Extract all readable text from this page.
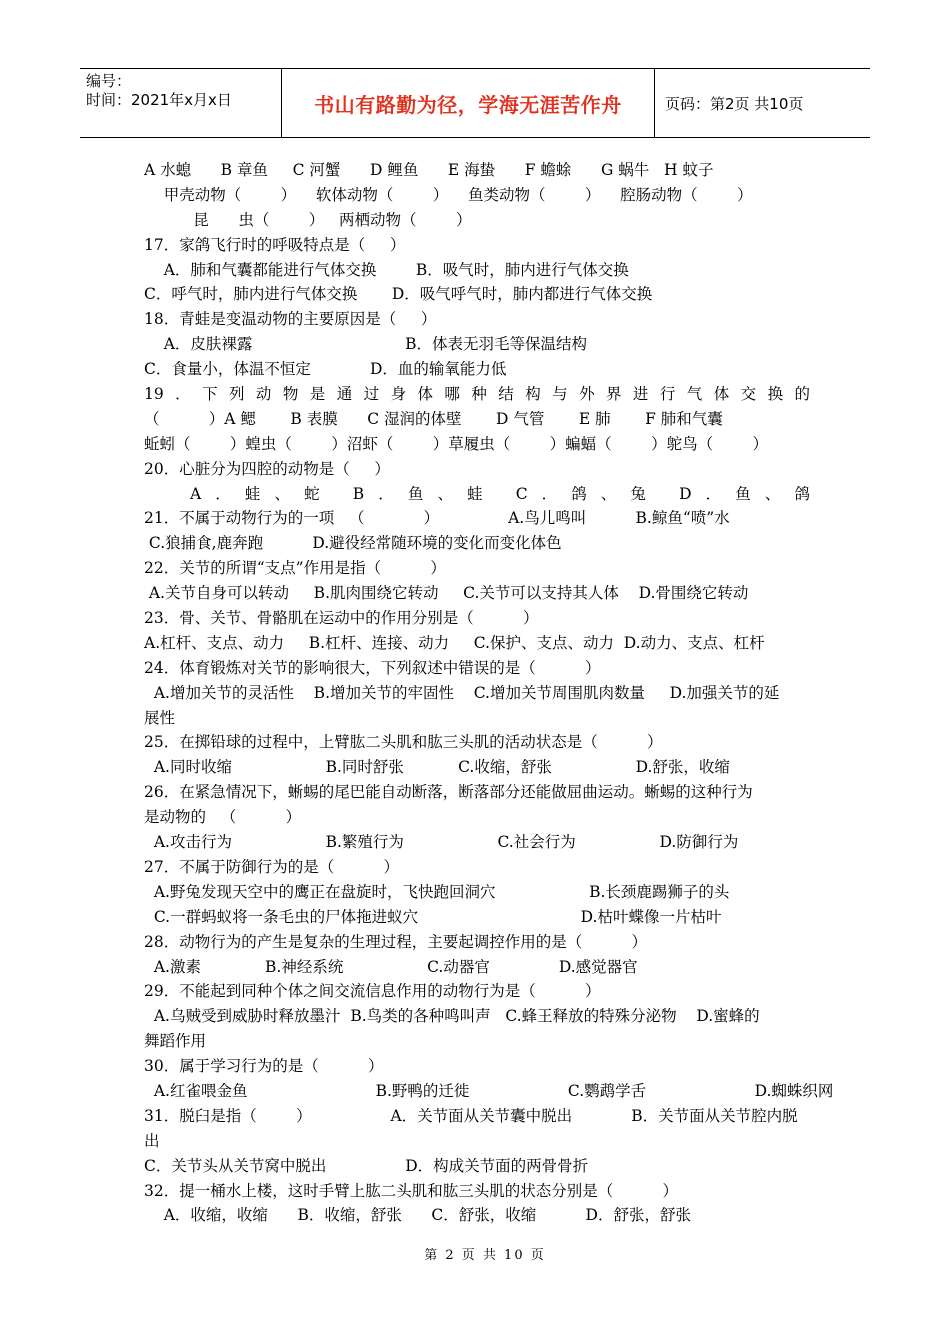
编号：
时间：2021年x月x日	书山有路勤为径，学海无涯苦作舟	页码：第2页 共10页
A 水螅      B 章鱼     C 河蟹      D 鲤鱼      E 海蛰      F 蟾蜍      G 蜗牛   H 蚊子
甲壳动物（        ）    软体动物（        ）    鱼类动物（        ）    腔肠动物（        ）
昆      虫（        ）   两栖动物（        ）
17．家鸽飞行时的呼吸特点是（     ）
A．肺和气囊都能进行气体交换        B．吸气时，肺内进行气体交换
C．呼气时，肺内进行气体交换       D．吸气呼气时，肺内都进行气体交换
18．青蛙是变温动物的主要原因是（     ）
A．皮肤裸露                               B．体表无羽毛等保温结构
C．食量小，体温不恒定            D．血的输氧能力低
19．下列动物是通过身体哪种结构与外界进行气体交换的
（          ）A 鳃       B 表膜      C 湿润的体壁       D 气管       E 肺       F 肺和气囊
蚯蚓（        ）蝗虫（        ）沼虾（        ）草履虫（        ）蝙蝠（        ）鸵鸟（        ）
20．心脏分为四腔的动物是（     ）
A．蛙、蛇 B．鱼、蛙 C．鸽、兔 D．鱼、鸽
21．不属于动物行为的一项   （            ）              A.鸟儿鸣叫          B.鲸鱼“喷”水
C.狼捕食,鹿奔跑          D.避役经常随环境的变化而变化体色
22．关节的所谓“支点”作用是指（          ）
A.关节自身可以转动     B.肌肉围绕它转动     C.关节可以支持其人体    D.骨围绕它转动
23．骨、关节、骨骼肌在运动中的作用分别是（          ）
A.杠杆、支点、动力     B.杠杆、连接、动力     C.保护、支点、动力  D.动力、支点、杠杆
24．体育锻炼对关节的影响很大，下列叙述中错误的是（          ）
A.增加关节的灵活性    B.增加关节的牢固性    C.增加关节周围肌肉数量     D.加强关节的延
展性
25．在掷铅球的过程中，上臂肱二头肌和肱三头肌的活动状态是（          ）
A.同时收缩                   B.同时舒张           C.收缩，舒张                 D.舒张，收缩
26．在紧急情况下，蜥蜴的尾巴能自动断落，断落部分还能做屈曲运动。蜥蜴的这种行为
是动物的   （          ）
A.攻击行为                   B.繁殖行为                   C.社会行为                 D.防御行为
27．不属于防御行为的是（          ）
A.野兔发现天空中的鹰正在盘旋时，飞快跑回洞穴                   B.长颈鹿踢狮子的头
C.一群蚂蚁将一条毛虫的尸体拖进蚁穴                                 D.枯叶蝶像一片枯叶
28．动物行为的产生是复杂的生理过程，主要起调控作用的是（          ）
A.激素             B.神经系统                 C.动器官              D.感觉器官
29．不能起到同种个体之间交流信息作用的动物行为是（          ）
A.乌贼受到威胁时释放墨汁  B.鸟类的各种鸣叫声   C.蜂王释放的特殊分泌物    D.蜜蜂的
舞蹈作用
30．属于学习行为的是（          ）
A.红雀喂金鱼                          B.野鸭的迁徙                    C.鹦鹉学舌                      D.蜘蛛织网
31．脱臼是指（        ）                A．关节面从关节囊中脱出            B．关节面从关节腔内脱
出
C．关节头从关节窝中脱出                D．构成关节面的两骨骨折
32．提一桶水上楼，这时手臂上肱二头肌和肱三头肌的状态分别是（          ）
A．收缩，收缩      B．收缩，舒张      C．舒张，收缩          D．舒张，舒张
第 2 页 共 10 页
